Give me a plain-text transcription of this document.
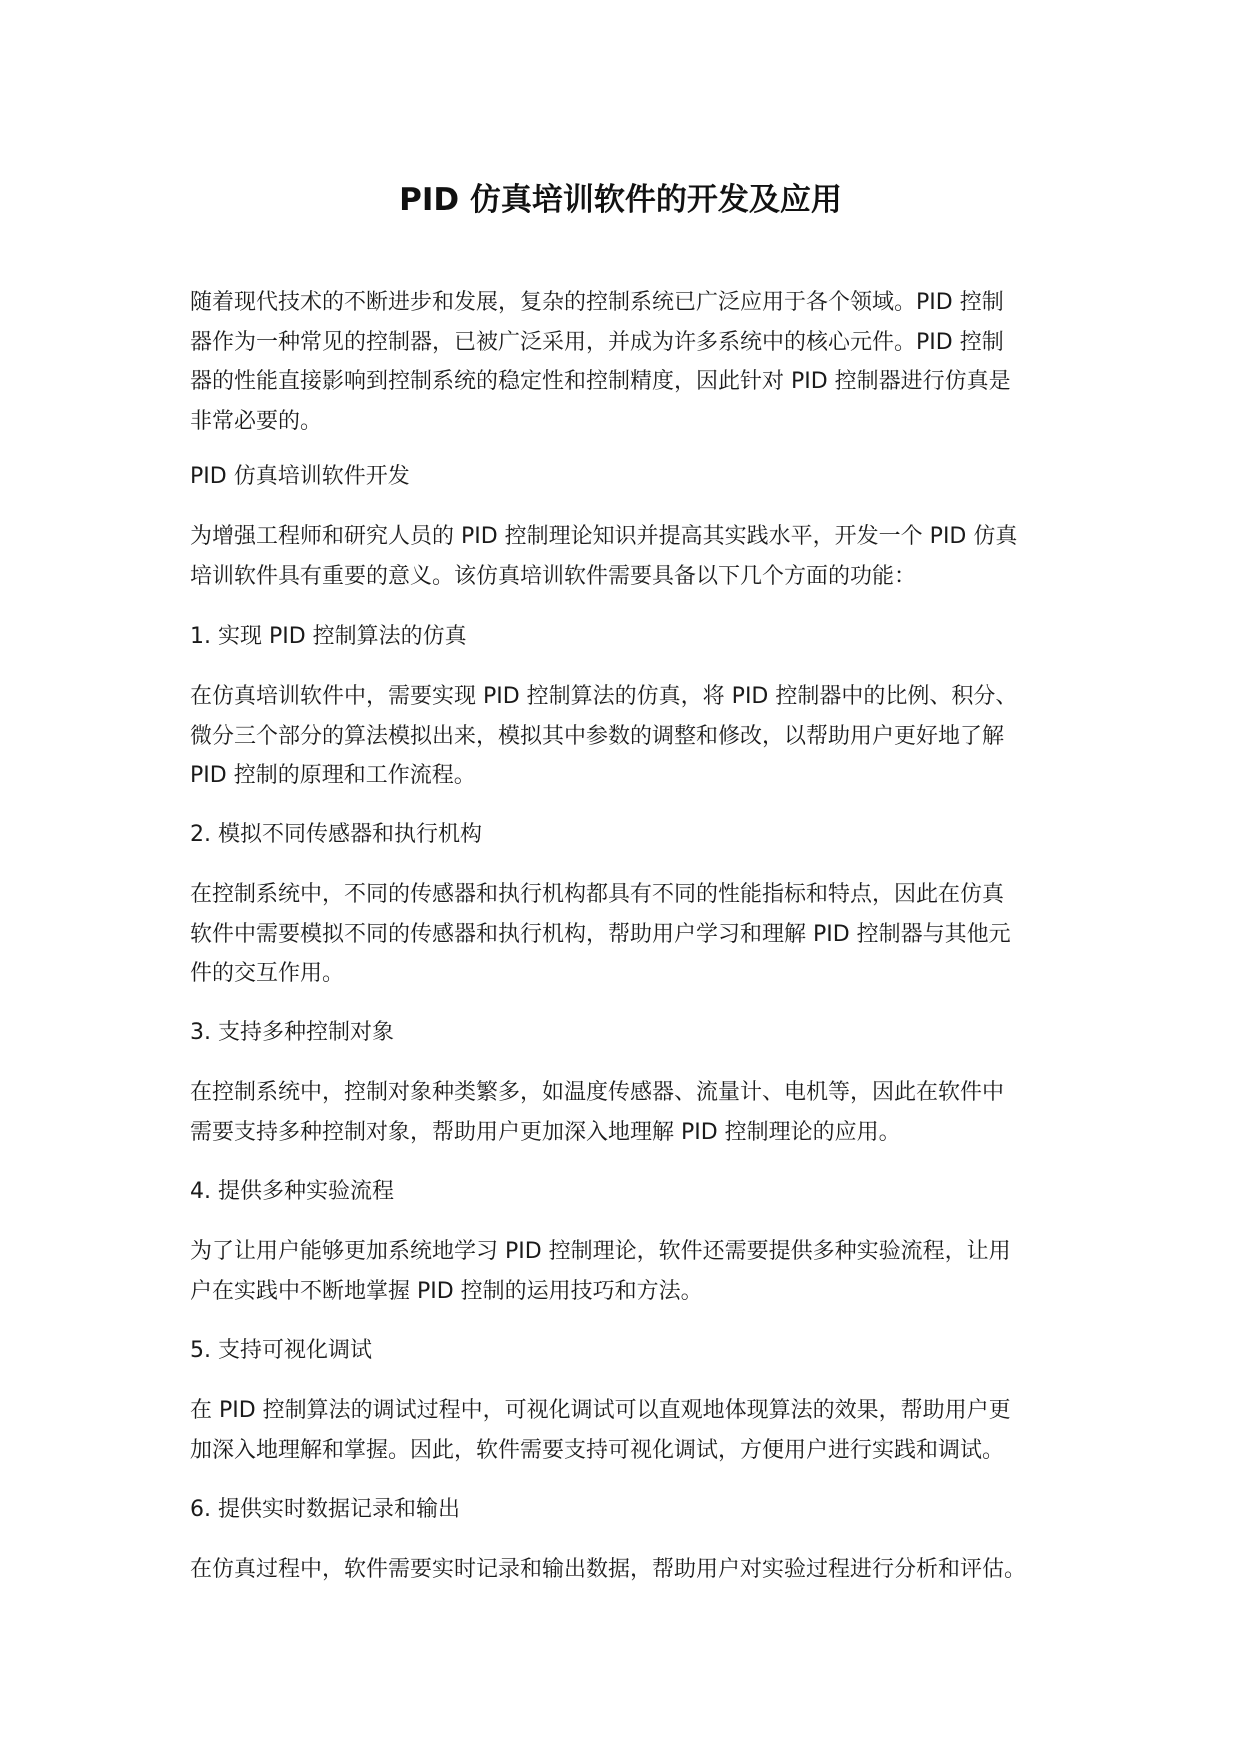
PID 仿真培训软件的开发及应用

随着现代技术的不断进步和发展，复杂的控制系统已广泛应用于各个领域。PID 控制
器作为一种常见的控制器，已被广泛采用，并成为许多系统中的核心元件。PID 控制
器的性能直接影响到控制系统的稳定性和控制精度，因此针对 PID 控制器进行仿真是
非常必要的。

PID 仿真培训软件开发

为增强工程师和研究人员的 PID 控制理论知识并提高其实践水平，开发一个 PID 仿真
培训软件具有重要的意义。该仿真培训软件需要具备以下几个方面的功能：

1. 实现 PID 控制算法的仿真

在仿真培训软件中，需要实现 PID 控制算法的仿真，将 PID 控制器中的比例、积分、
微分三个部分的算法模拟出来，模拟其中参数的调整和修改，以帮助用户更好地了解
PID 控制的原理和工作流程。

2. 模拟不同传感器和执行机构

在控制系统中，不同的传感器和执行机构都具有不同的性能指标和特点，因此在仿真
软件中需要模拟不同的传感器和执行机构，帮助用户学习和理解 PID 控制器与其他元
件的交互作用。

3. 支持多种控制对象

在控制系统中，控制对象种类繁多，如温度传感器、流量计、电机等，因此在软件中
需要支持多种控制对象，帮助用户更加深入地理解 PID 控制理论的应用。

4. 提供多种实验流程

为了让用户能够更加系统地学习 PID 控制理论，软件还需要提供多种实验流程，让用
户在实践中不断地掌握 PID 控制的运用技巧和方法。

5. 支持可视化调试

在 PID 控制算法的调试过程中，可视化调试可以直观地体现算法的效果，帮助用户更
加深入地理解和掌握。因此，软件需要支持可视化调试，方便用户进行实践和调试。

6. 提供实时数据记录和输出

在仿真过程中，软件需要实时记录和输出数据，帮助用户对实验过程进行分析和评估。
